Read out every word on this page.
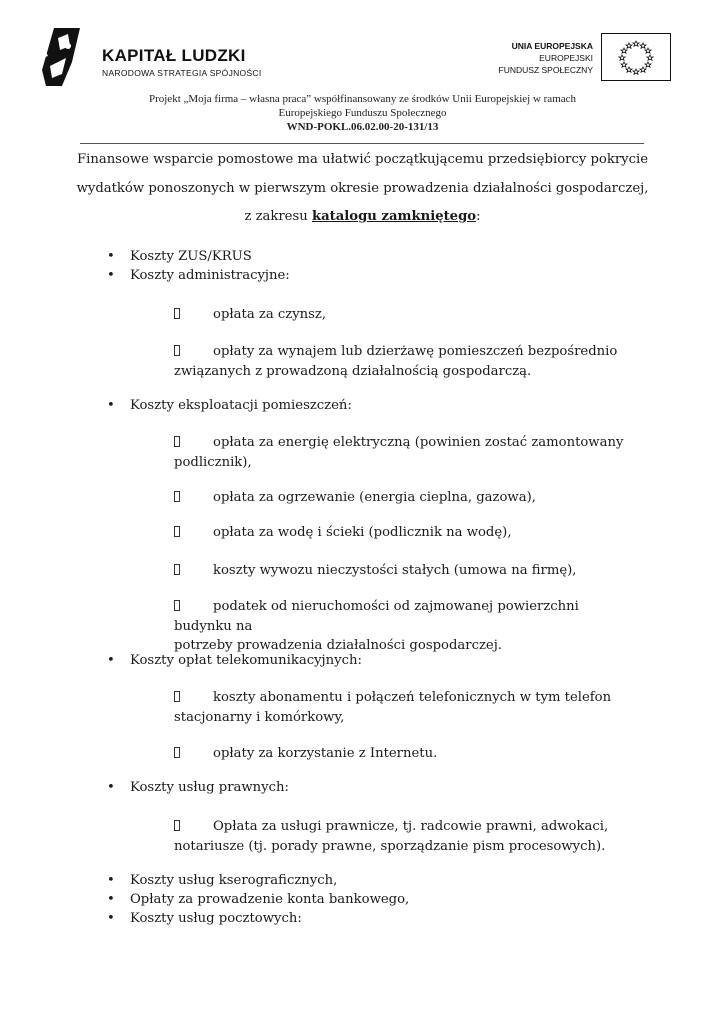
KAPITAŁ LUDZKI
NARODOWA STRATEGIA SPÓJNOŚCI
UNIA EUROPEJSKA
EUROPEJSKI
FUNDUSZ SPOŁECZNY
Projekt „Moja firma – własna praca” współfinansowany ze środków Unii Europejskiej w ramach
Europejskiego Funduszu Społecznego
WND-POKL.06.02.00-20-131/13
Finansowe wsparcie pomostowe ma ułatwić początkującemu przedsiębiorcy pokrycie
wydatków ponoszonych w pierwszym okresie prowadzenia działalności gospodarczej,
z zakresu katalogu zamkniętego:
Koszty ZUS/KRUS
Koszty administracyjne:
opłata za czynsz,
opłaty za wynajem lub dzierżawę pomieszczeń bezpośrednio
związanych z prowadzoną działalnością gospodarczą.
Koszty eksploatacji pomieszczeń:
opłata za energię elektryczną (powinien zostać zamontowany
podlicznik),
opłata za ogrzewanie (energia cieplna, gazowa),
opłata za wodę i ścieki (podlicznik na wodę),
koszty wywozu nieczystości stałych (umowa na firmę),
podatek od nieruchomości od zajmowanej powierzchni budynku na
potrzeby prowadzenia działalności gospodarczej.
Koszty opłat telekomunikacyjnych:
koszty abonamentu i połączeń telefonicznych w tym telefon
stacjonarny i komórkowy,
opłaty za korzystanie z Internetu.
Koszty usług prawnych:
Opłata za usługi prawnicze, tj. radcowie prawni, adwokaci,
notariusze (tj. porady prawne, sporządzanie pism procesowych).
Koszty usług kserograficznych,
Opłaty za prowadzenie konta bankowego,
Koszty usług pocztowych:
